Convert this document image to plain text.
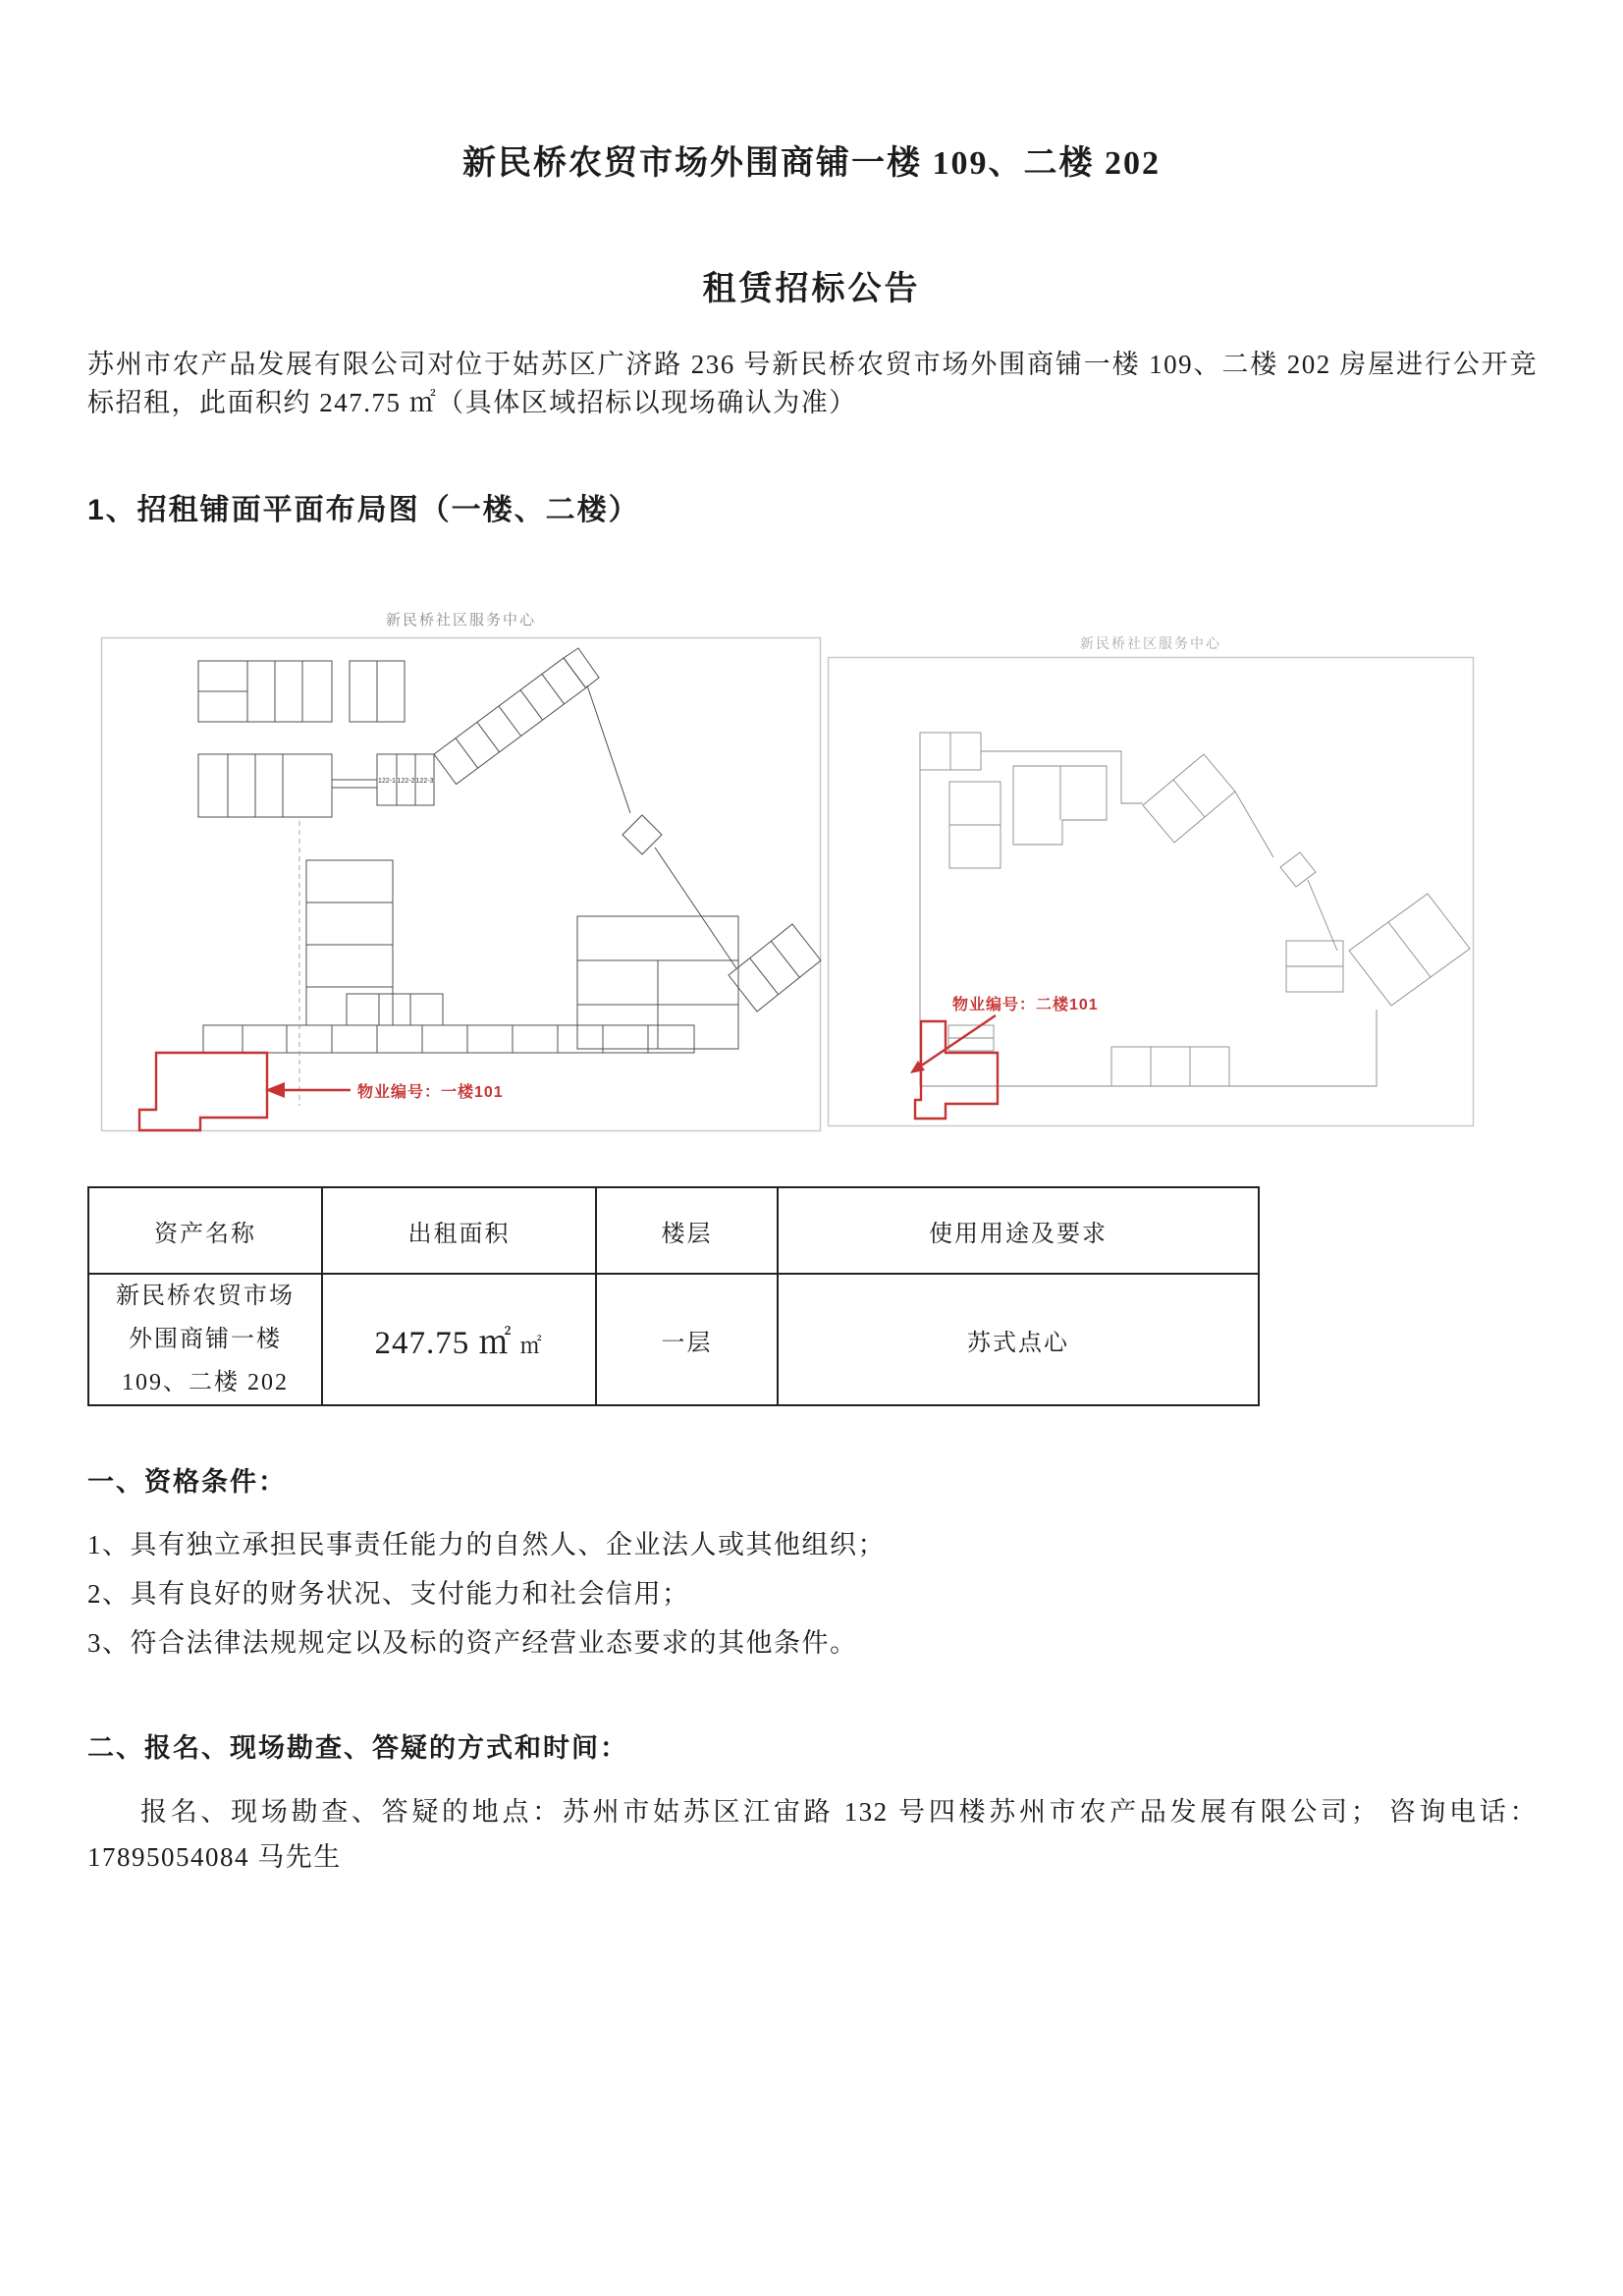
新民桥农贸市场外围商铺一楼 109、二楼 202
租赁招标公告
苏州市农产品发展有限公司对位于姑苏区广济路 236 号新民桥农贸市场外围商铺一楼 109、二楼 202 房屋进行公开竞标招租，此面积约 247.75 ㎡（具体区域招标以现场确认为准）
1、招租铺面平面布局图（一楼、二楼）
新民桥社区服务中心
122-1 122-2 122-3
物业编号：一楼101
新民桥社区服务中心
物业编号：二楼101
资产名称	出租面积	楼层	使用用途及要求

新民桥农贸市场
外围商铺一楼
109、二楼 202	247.75 ㎡ ㎡	一层	苏式点心
一、资格条件：
1、具有独立承担民事责任能力的自然人、企业法人或其他组织；
2、具有良好的财务状况、支付能力和社会信用；
3、符合法律法规规定以及标的资产经营业态要求的其他条件。
二、报名、现场勘查、答疑的方式和时间：
报名、现场勘查、答疑的地点：苏州市姑苏区江宙路 132 号四楼苏州市农产品发展有限公司； 咨询电话：17895054084 马先生
